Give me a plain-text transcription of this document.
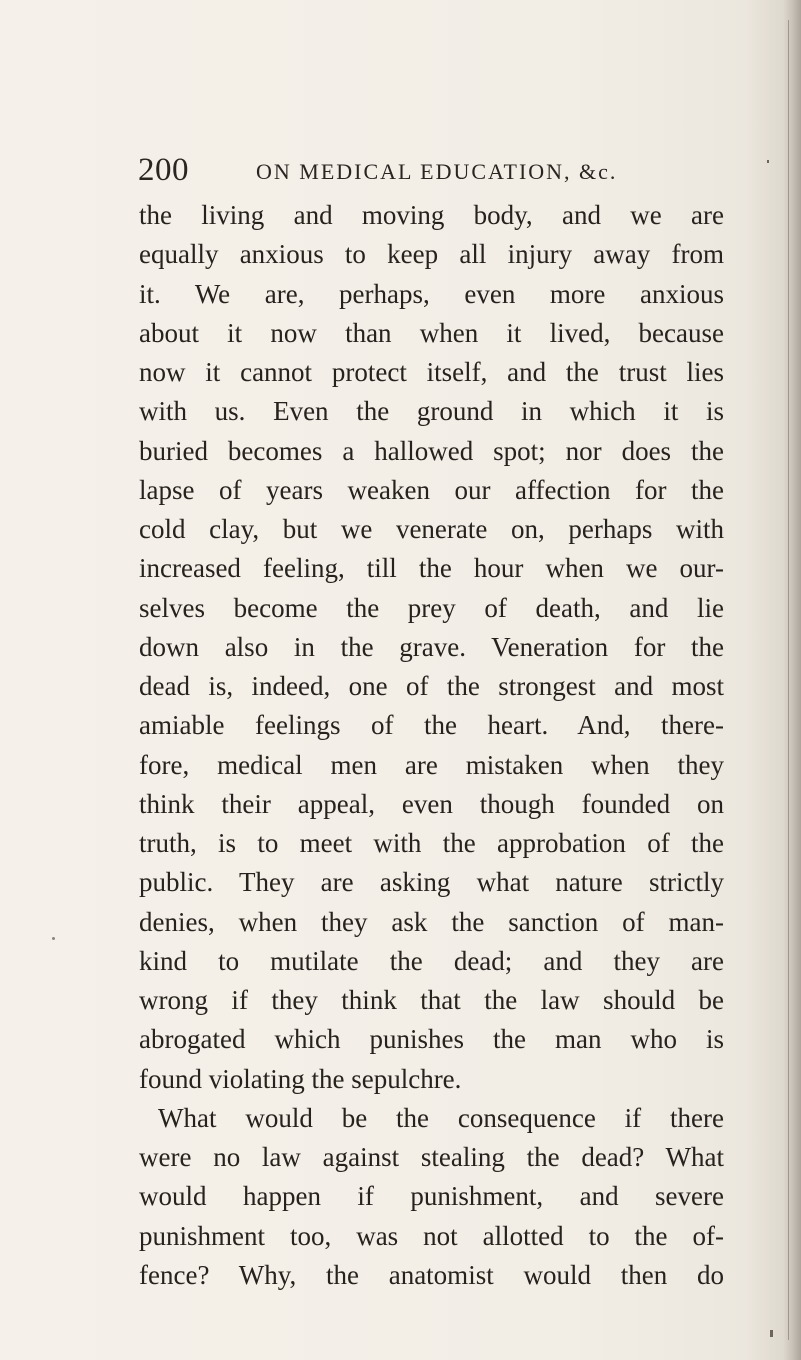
200	ON MEDICAL EDUCATION, &c.
the living and moving body, and we are
equally anxious to keep all injury away from
it. We are, perhaps, even more anxious
about it now than when it lived, because
now it cannot protect itself, and the trust lies
with us. Even the ground in which it is
buried becomes a hallowed spot; nor does the
lapse of years weaken our affection for the
cold clay, but we venerate on, perhaps with
increased feeling, till the hour when we our-
selves become the prey of death, and lie
down also in the grave. Veneration for the
dead is, indeed, one of the strongest and most
amiable feelings of the heart. And, there-
fore, medical men are mistaken when they
think their appeal, even though founded on
truth, is to meet with the approbation of the
public. They are asking what nature strictly
denies, when they ask the sanction of man-
kind to mutilate the dead; and they are
wrong if they think that the law should be
abrogated which punishes the man who is
found violating the sepulchre.
What would be the consequence if there
were no law against stealing the dead? What
would happen if punishment, and severe
punishment too, was not allotted to the of-
fence? Why, the anatomist would then do
